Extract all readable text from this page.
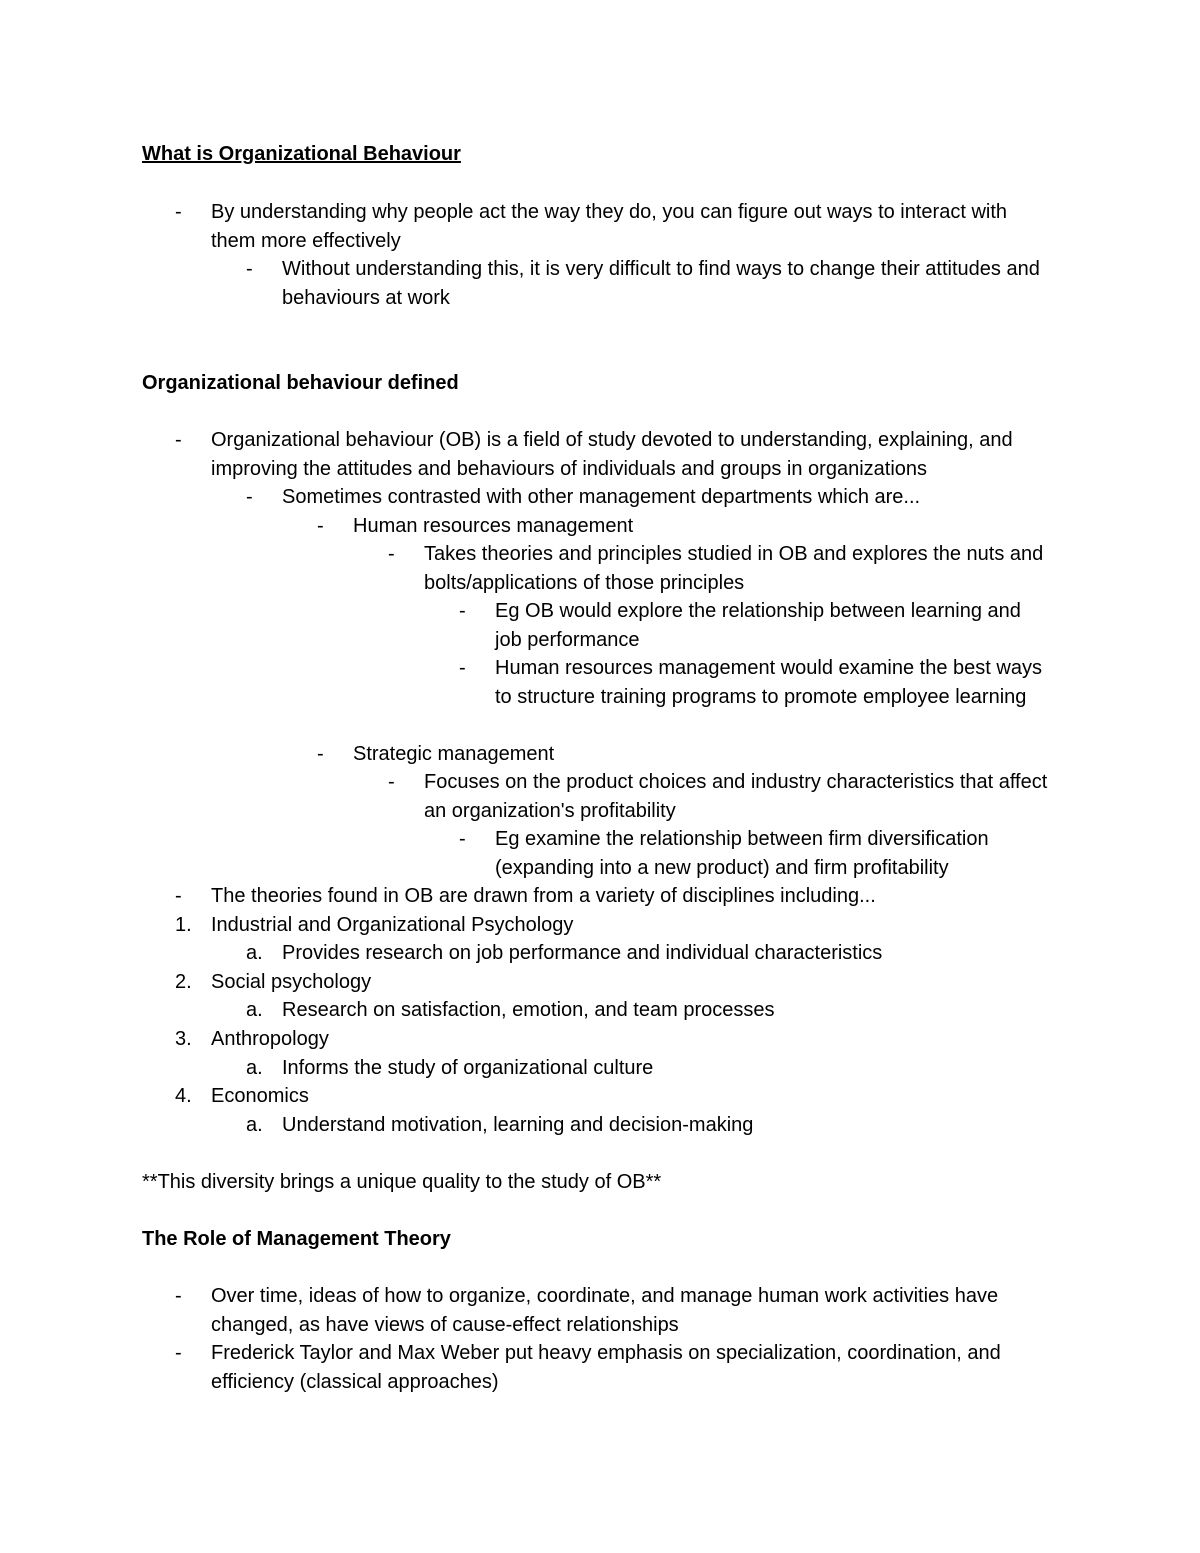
What is Organizational Behaviour
- By understanding why people act the way they do, you can figure out ways to interact with them more effectively
- Without understanding this, it is very difficult to find ways to change their attitudes and behaviours at work
Organizational behaviour defined
- Organizational behaviour (OB) is a field of study devoted to understanding, explaining, and improving the attitudes and behaviours of individuals and groups in organizations
- Sometimes contrasted with other management departments which are...
- Human resources management
- Takes theories and principles studied in OB and explores the nuts and bolts/applications of those principles
- Eg OB would explore the relationship between learning and job performance
- Human resources management would examine the best ways to structure training programs to promote employee learning
- Strategic management
- Focuses on the product choices and industry characteristics that affect an organization's profitability
- Eg examine the relationship between firm diversification (expanding into a new product) and firm profitability
- The theories found in OB are drawn from a variety of disciplines including...
1. Industrial and Organizational Psychology
a. Provides research on job performance and individual characteristics
2. Social psychology
a. Research on satisfaction, emotion, and team processes
3. Anthropology
a. Informs the study of organizational culture
4. Economics
a. Understand motivation, learning and decision-making
**This diversity brings a unique quality to the study of OB**
The Role of Management Theory
- Over time, ideas of how to organize, coordinate, and manage human work activities have changed, as have views of cause-effect relationships
- Frederick Taylor and Max Weber put heavy emphasis on specialization, coordination, and efficiency (classical approaches)
